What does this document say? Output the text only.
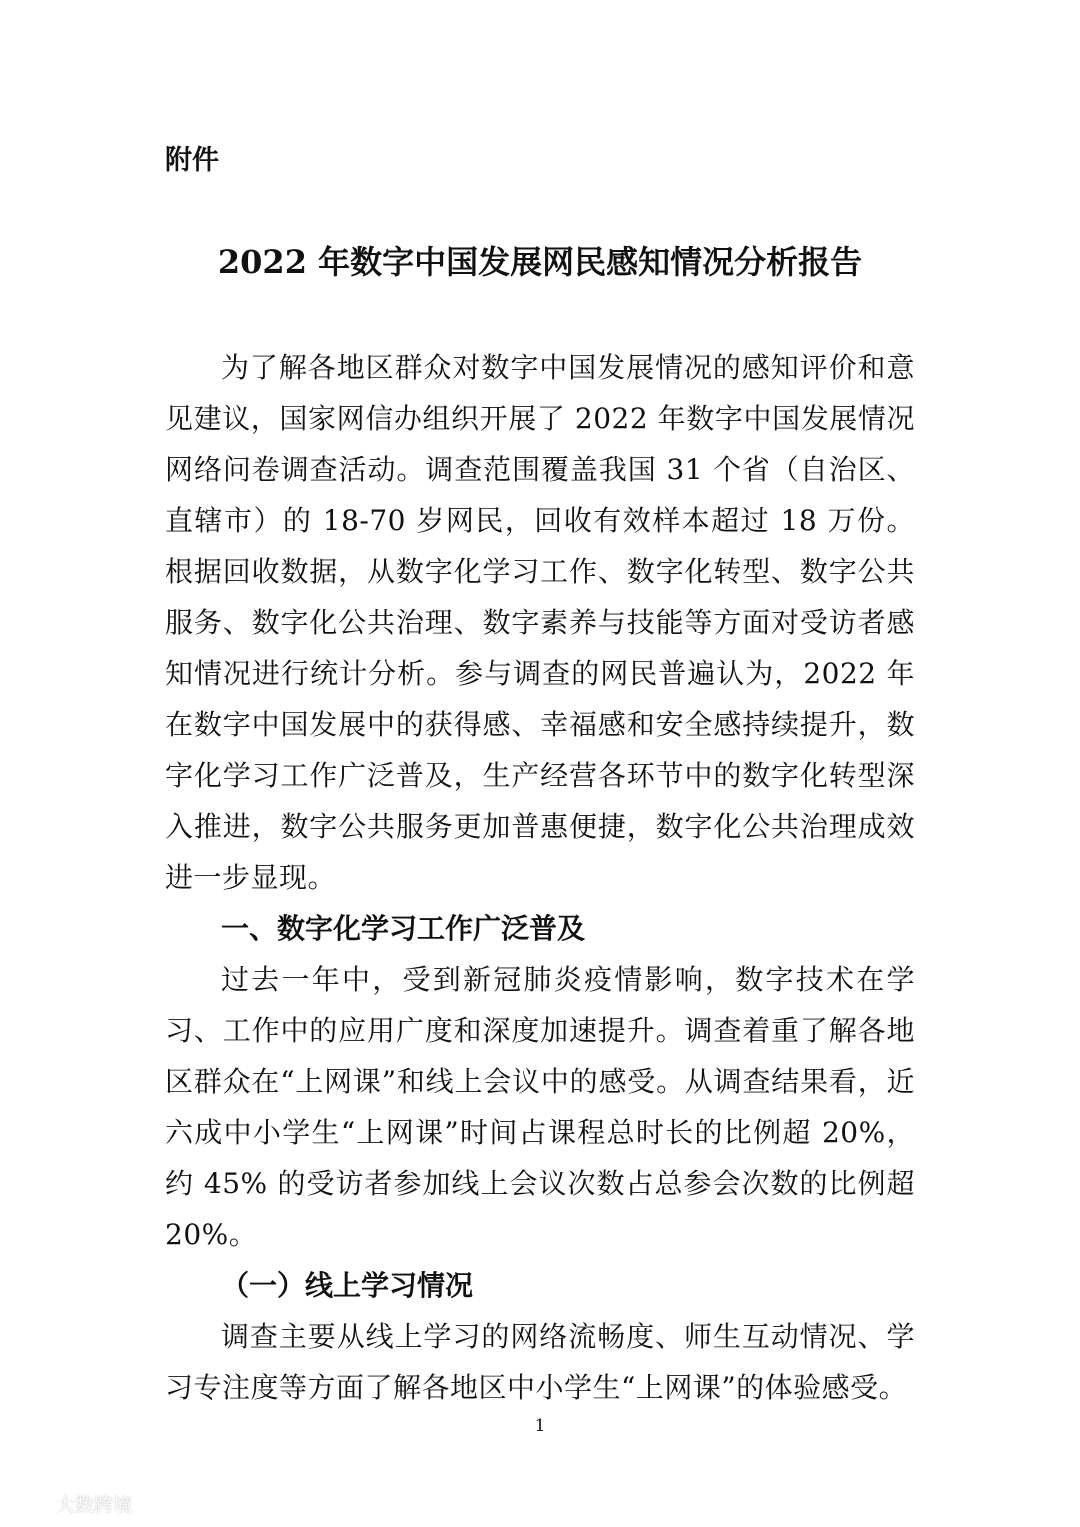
附件

2022 年数字中国发展网民感知情况分析报告

为了解各地区群众对数字中国发展情况的感知评价和意见建议，国家网信办组织开展了 2022 年数字中国发展情况网络问卷调查活动。调查范围覆盖我国 31 个省（自治区、直辖市）的 18-70 岁网民，回收有效样本超过 18 万份。根据回收数据，从数字化学习工作、数字化转型、数字公共服务、数字化公共治理、数字素养与技能等方面对受访者感知情况进行统计分析。参与调查的网民普遍认为，2022 年在数字中国发展中的获得感、幸福感和安全感持续提升，数字化学习工作广泛普及，生产经营各环节中的数字化转型深入推进，数字公共服务更加普惠便捷，数字化公共治理成效进一步显现。

一、数字化学习工作广泛普及

过去一年中，受到新冠肺炎疫情影响，数字技术在学习、工作中的应用广度和深度加速提升。调查着重了解各地区群众在“上网课”和线上会议中的感受。从调查结果看，近六成中小学生“上网课”时间占课程总时长的比例超 20%，约 45% 的受访者参加线上会议次数占总参会次数的比例超 20%。

（一）线上学习情况

调查主要从线上学习的网络流畅度、师生互动情况、学习专注度等方面了解各地区中小学生“上网课”的体验感受。

1
大数跨境
